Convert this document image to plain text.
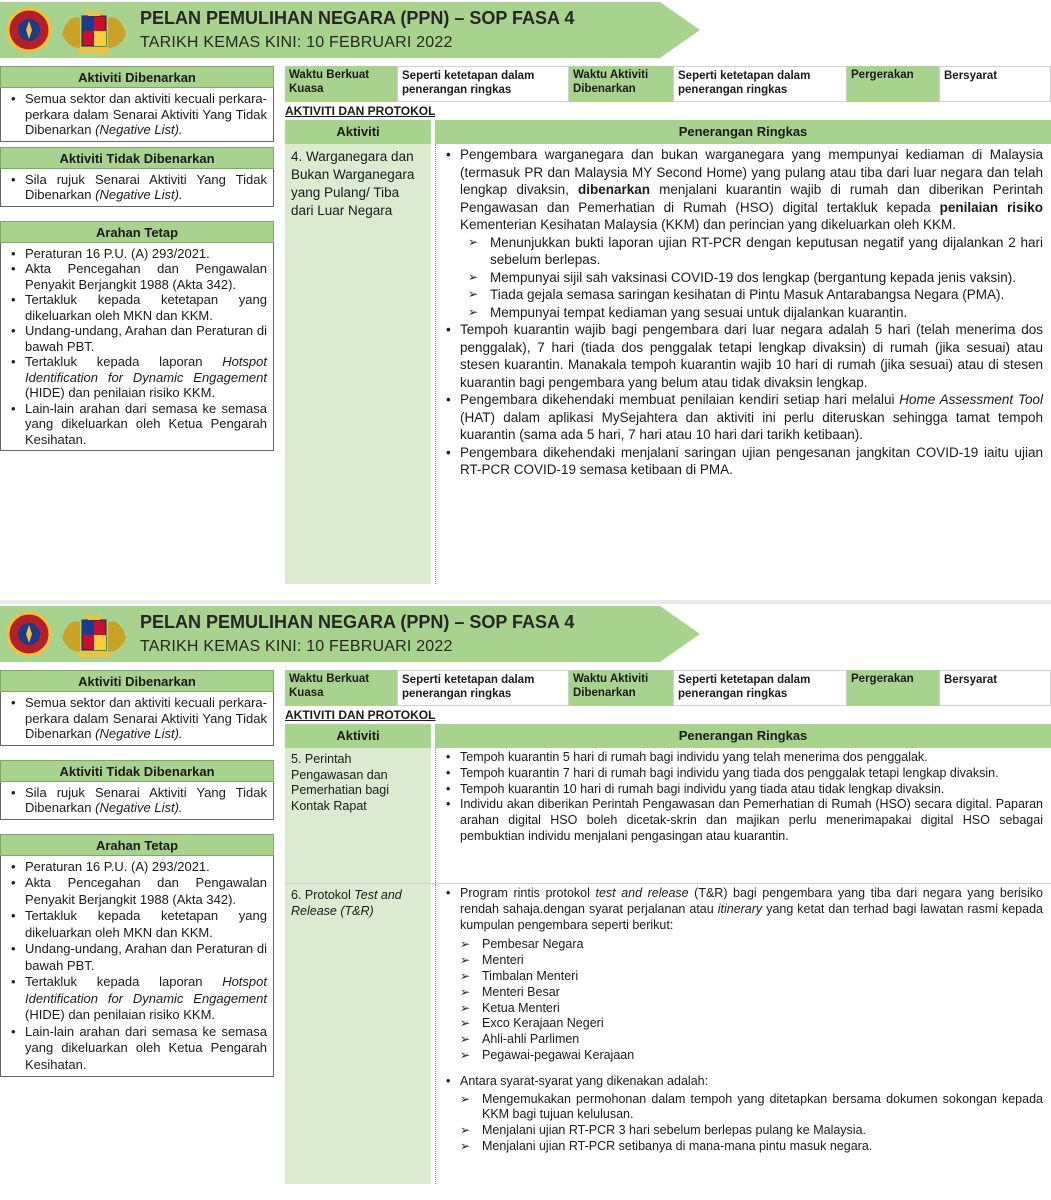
PELAN PEMULIHAN NEGARA (PPN) – SOP FASA 4
TARIKH KEMAS KINI: 10 FEBRUARI 2022
Aktiviti Dibenarkan
• Semua sektor dan aktiviti kecuali perkara-perkara dalam Senarai Aktiviti Yang Tidak Dibenarkan (Negative List).
Aktiviti Tidak Dibenarkan
• Sila rujuk Senarai Aktiviti Yang Tidak Dibenarkan (Negative List).
Arahan Tetap
• Peraturan 16 P.U. (A) 293/2021.
• Akta Pencegahan dan Pengawalan Penyakit Berjangkit 1988 (Akta 342).
• Tertakluk kepada ketetapan yang dikeluarkan oleh MKN dan KKM.
• Undang-undang, Arahan dan Peraturan di bawah PBT.
• Tertakluk kepada laporan Hotspot Identification for Dynamic Engagement (HIDE) dan penilaian risiko KKM.
• Lain-lain arahan dari semasa ke semasa yang dikeluarkan oleh Ketua Pengarah Kesihatan.
Waktu Berkuat Kuasa
Seperti ketetapan dalam penerangan ringkas
Waktu Aktiviti Dibenarkan
Seperti ketetapan dalam penerangan ringkas
Pergerakan	Bersyarat
AKTIVITI DAN PROTOKOL
Aktiviti	Penerangan Ringkas
4. Warganegara dan Bukan Warganegara yang Pulang/ Tiba dari Luar Negara
• Pengembara warganegara dan bukan warganegara yang mempunyai kediaman di Malaysia (termasuk PR dan Malaysia MY Second Home) yang pulang atau tiba dari luar negara dan telah lengkap divaksin, dibenarkan menjalani kuarantin wajib di rumah dan diberikan Perintah Pengawasan dan Pemerhatian di Rumah (HSO) digital tertakluk kepada penilaian risiko Kementerian Kesihatan Malaysia (KKM) dan perincian yang dikeluarkan oleh KKM.
➢ Menunjukkan bukti laporan ujian RT-PCR dengan keputusan negatif yang dijalankan 2 hari sebelum berlepas.
➢ Mempunyai sijil sah vaksinasi COVID-19 dos lengkap (bergantung kepada jenis vaksin).
➢ Tiada gejala semasa saringan kesihatan di Pintu Masuk Antarabangsa Negara (PMA).
➢ Mempunyai tempat kediaman yang sesuai untuk dijalankan kuarantin.
• Tempoh kuarantin wajib bagi pengembara dari luar negara adalah 5 hari (telah menerima dos penggalak), 7 hari (tiada dos penggalak tetapi lengkap divaksin) di rumah (jika sesuai) atau stesen kuarantin. Manakala tempoh kuarantin wajib 10 hari di rumah (jika sesuai) atau di stesen kuarantin bagi pengembara yang belum atau tidak divaksin lengkap.
• Pengembara dikehendaki membuat penilaian kendiri setiap hari melalui Home Assessment Tool (HAT) dalam aplikasi MySejahtera dan aktiviti ini perlu diteruskan sehingga tamat tempoh kuarantin (sama ada 5 hari, 7 hari atau 10 hari dari tarikh ketibaan).
• Pengembara dikehendaki menjalani saringan ujian pengesanan jangkitan COVID-19 iaitu ujian RT-PCR COVID-19 semasa ketibaan di PMA.
PELAN PEMULIHAN NEGARA (PPN) – SOP FASA 4
TARIKH KEMAS KINI: 10 FEBRUARI 2022
Aktiviti Dibenarkan
• Semua sektor dan aktiviti kecuali perkara-perkara dalam Senarai Aktiviti Yang Tidak Dibenarkan (Negative List).
Aktiviti Tidak Dibenarkan
• Sila rujuk Senarai Aktiviti Yang Tidak Dibenarkan (Negative List).
Arahan Tetap
• Peraturan 16 P.U. (A) 293/2021.
• Akta Pencegahan dan Pengawalan Penyakit Berjangkit 1988 (Akta 342).
• Tertakluk kepada ketetapan yang dikeluarkan oleh MKN dan KKM.
• Undang-undang, Arahan dan Peraturan di bawah PBT.
• Tertakluk kepada laporan Hotspot Identification for Dynamic Engagement (HIDE) dan penilaian risiko KKM.
• Lain-lain arahan dari semasa ke semasa yang dikeluarkan oleh Ketua Pengarah Kesihatan.
Waktu Berkuat Kuasa
Seperti ketetapan dalam penerangan ringkas
Waktu Aktiviti Dibenarkan
Seperti ketetapan dalam penerangan ringkas
Pergerakan	Bersyarat
AKTIVITI DAN PROTOKOL
Aktiviti	Penerangan Ringkas
5. Perintah Pengawasan dan Pemerhatian bagi Kontak Rapat
• Tempoh kuarantin 5 hari di rumah bagi individu yang telah menerima dos penggalak.
• Tempoh kuarantin 7 hari di rumah bagi individu yang tiada dos penggalak tetapi lengkap divaksin.
• Tempoh kuarantin 10 hari di rumah bagi individu yang tiada atau tidak lengkap divaksin.
• Individu akan diberikan Perintah Pengawasan dan Pemerhatian di Rumah (HSO) secara digital. Paparan arahan digital HSO boleh dicetak-skrin dan majikan perlu menerimapakai digital HSO sebagai pembuktian individu menjalani pengasingan atau kuarantin.
6. Protokol Test and Release (T&R)
• Program rintis protokol test and release (T&R) bagi pengembara yang tiba dari negara yang berisiko rendah sahaja.dengan syarat perjalanan atau itinerary yang ketat dan terhad bagi lawatan rasmi kepada kumpulan pengembara seperti berikut:
➢ Pembesar Negara
➢ Menteri
➢ Timbalan Menteri
➢ Menteri Besar
➢ Ketua Menteri
➢ Exco Kerajaan Negeri
➢ Ahli-ahli Parlimen
➢ Pegawai-pegawai Kerajaan
• Antara syarat-syarat yang dikenakan adalah:
➢ Mengemukakan permohonan dalam tempoh yang ditetapkan bersama dokumen sokongan kepada KKM bagi tujuan kelulusan.
➢ Menjalani ujian RT-PCR 3 hari sebelum berlepas pulang ke Malaysia.
➢ Menjalani ujian RT-PCR setibanya di mana-mana pintu masuk negara.
